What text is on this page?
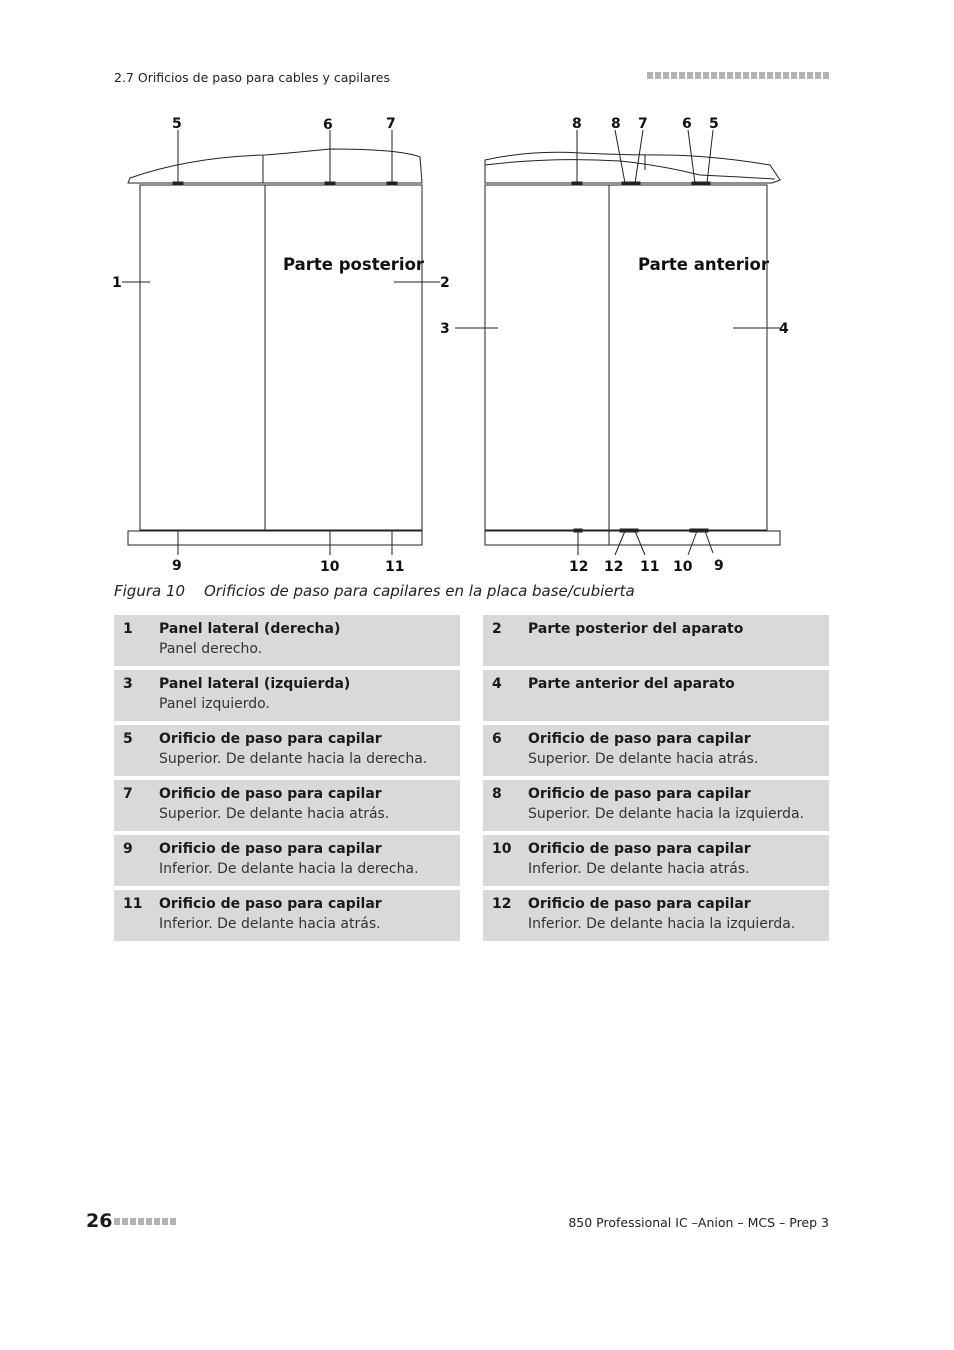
2.7 Orificios de paso para cables y capilares
5	6	7
1	2
9	10	11
Parte posterior
8 8 7 6 5
3	4
12 12 11 10 9
Parte anterior
Figura 10 Orificios de paso para capilares en la placa base/cubierta
1 Panel lateral (derecha)
Panel derecho.
2 Parte posterior del aparato
3 Panel lateral (izquierda)
Panel izquierdo.
4 Parte anterior del aparato
5 Orificio de paso para capilar
Superior. De delante hacia la derecha.
6 Orificio de paso para capilar
Superior. De delante hacia atrás.
7 Orificio de paso para capilar
Superior. De delante hacia atrás.
8 Orificio de paso para capilar
Superior. De delante hacia la izquierda.
9 Orificio de paso para capilar
Inferior. De delante hacia la derecha.
10 Orificio de paso para capilar
Inferior. De delante hacia atrás.
11 Orificio de paso para capilar
Inferior. De delante hacia atrás.
12 Orificio de paso para capilar
Inferior. De delante hacia la izquierda.
26	850 Professional IC –Anion – MCS – Prep 3
